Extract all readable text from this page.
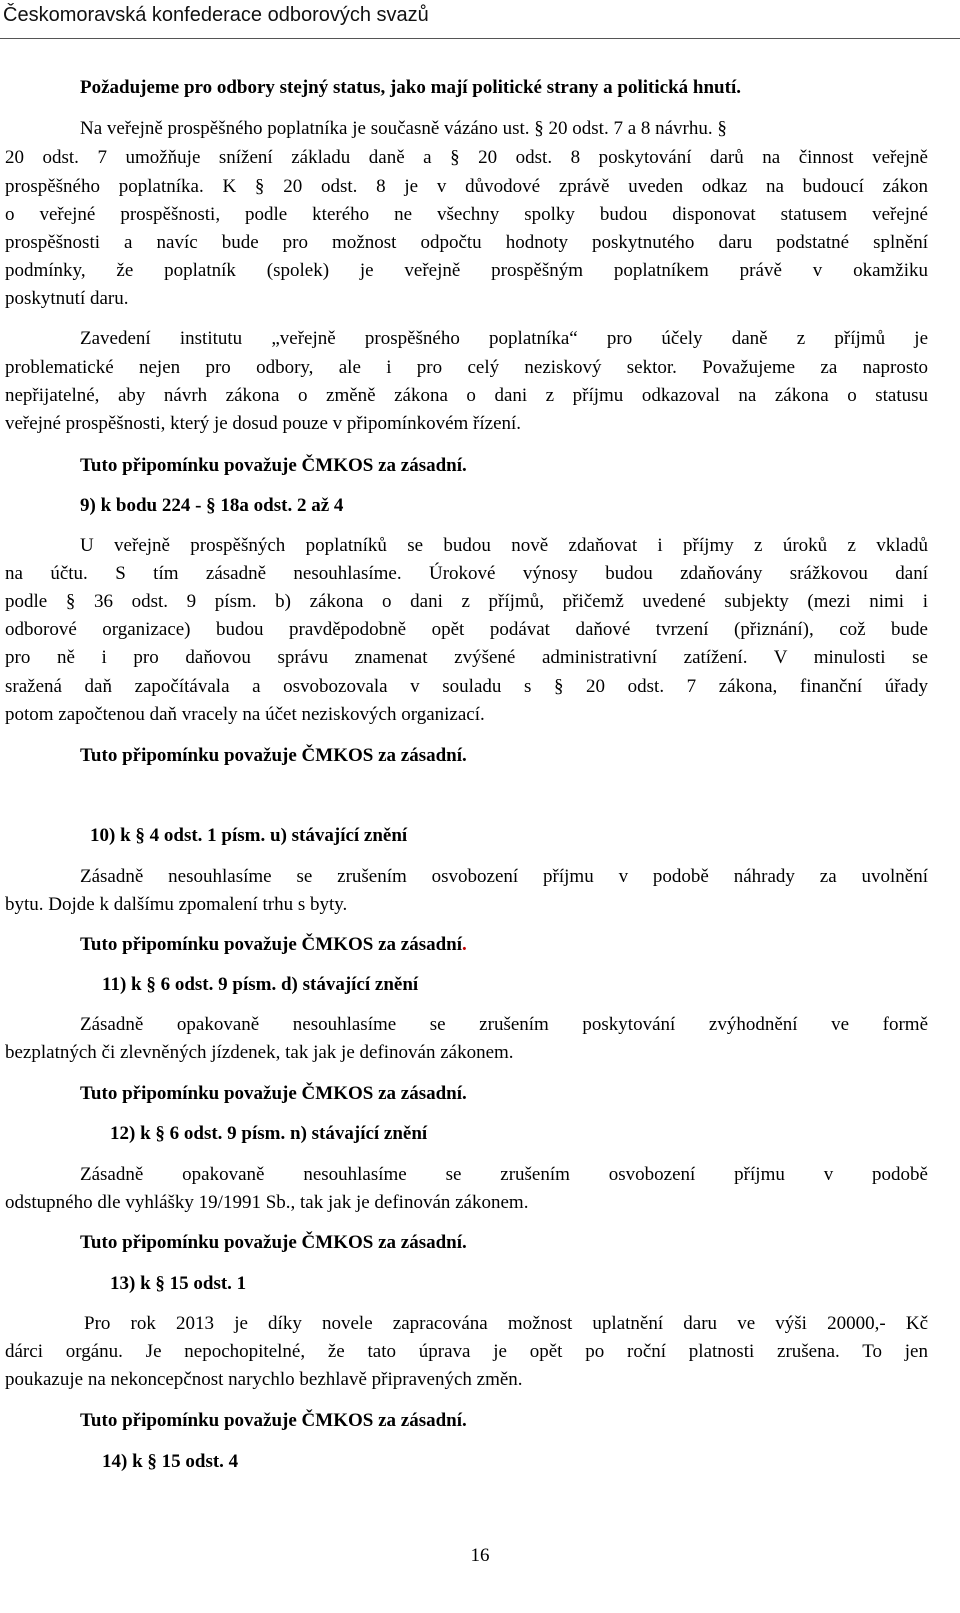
Českomoravská konfederace odborových svazů
Požadujeme pro odbory stejný status, jako mají politické strany a politická hnutí.
Na veřejně prospěšného poplatníka je současně vázáno ust. § 20 odst. 7 a 8 návrhu. §
20 odst. 7 umožňuje snížení základu daně a § 20 odst. 8 poskytování darů na činnost veřejně
prospěšného poplatníka. K § 20 odst. 8 je v důvodové zprávě uveden odkaz na budoucí zákon
o veřejné prospěšnosti, podle kterého ne všechny spolky budou disponovat statusem veřejné
prospěšnosti a navíc bude pro možnost odpočtu hodnoty poskytnutého daru podstatné splnění
podmínky, že poplatník (spolek) je veřejně prospěšným poplatníkem právě v okamžiku
poskytnutí daru.
Zavedení institutu „veřejně prospěšného poplatníka“ pro účely daně z příjmů je
problematické nejen pro odbory, ale i pro celý neziskový sektor. Považujeme za naprosto
nepřijatelné, aby návrh zákona o změně zákona o dani z příjmu odkazoval na zákona o statusu
veřejné prospěšnosti, který je dosud pouze v připomínkovém řízení.
Tuto připomínku považuje ČMKOS za zásadní.
9) k bodu 224 - § 18a odst. 2 až 4
U veřejně prospěšných poplatníků se budou nově zdaňovat i příjmy z úroků z vkladů
na účtu. S tím zásadně nesouhlasíme. Úrokové výnosy budou zdaňovány srážkovou daní
podle § 36 odst. 9 písm. b) zákona o dani z příjmů, přičemž uvedené subjekty (mezi nimi i
odborové organizace) budou pravděpodobně opět podávat daňové tvrzení (přiznání), což bude
pro ně i pro daňovou správu znamenat zvýšené administrativní zatížení. V minulosti se
sražená daň započítávala a osvobozovala v souladu s § 20 odst. 7 zákona, finanční úřady
potom započtenou daň vracely na účet neziskových organizací.
Tuto připomínku považuje ČMKOS za zásadní.
10) k § 4 odst. 1 písm. u) stávající znění
Zásadně nesouhlasíme se zrušením osvobození příjmu v podobě náhrady za uvolnění
bytu. Dojde k dalšímu zpomalení trhu s byty.
Tuto připomínku považuje ČMKOS za zásadní.
11) k § 6 odst. 9 písm. d) stávající znění
Zásadně opakovaně nesouhlasíme se zrušením poskytování zvýhodnění ve formě
bezplatných či zlevněných jízdenek, tak jak je definován zákonem.
Tuto připomínku považuje ČMKOS za zásadní.
12) k § 6 odst. 9 písm. n) stávající znění
Zásadně opakovaně nesouhlasíme se zrušením osvobození příjmu v podobě
odstupného dle vyhlášky 19/1991 Sb., tak jak je definován zákonem.
Tuto připomínku považuje ČMKOS za zásadní.
13) k § 15 odst. 1
Pro rok 2013 je díky novele zapracována možnost uplatnění daru ve výši 20000,- Kč
dárci orgánu. Je nepochopitelné, že tato úprava je opět po roční platnosti zrušena. To jen
poukazuje na nekoncepčnost narychlo bezhlavě připravených změn.
Tuto připomínku považuje ČMKOS za zásadní.
14) k § 15 odst. 4
16
